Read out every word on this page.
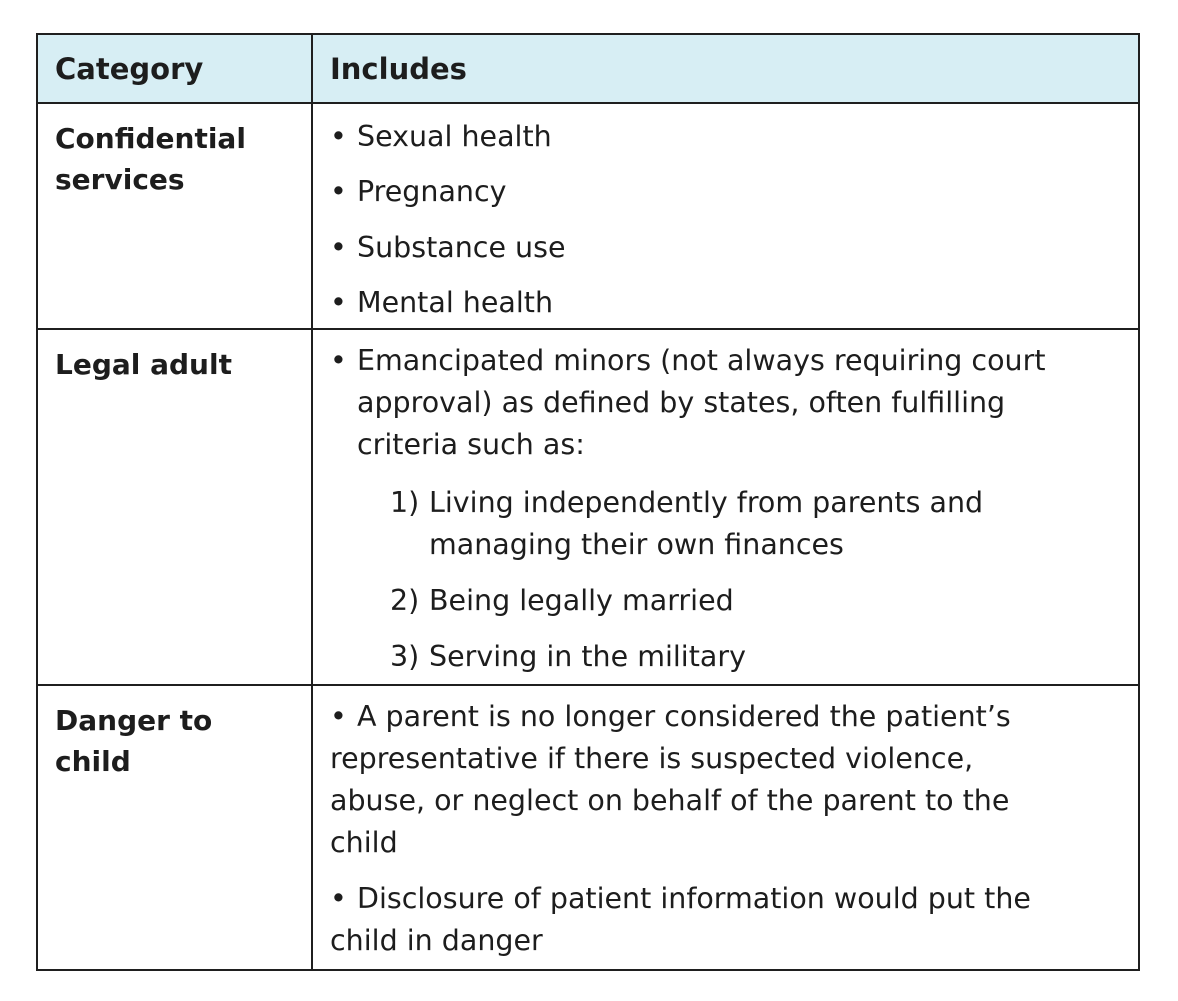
Category	Includes
Confidential
services
• Sexual health
• Pregnancy
• Substance use
• Mental health
Legal adult	• Emancipated minors (not always requiring court
approval) as defined by states, often fulfilling
criteria such as:
1) Living independently from parents and
managing their own finances
2) Being legally married
3) Serving in the military
Danger to
child
• A parent is no longer considered the patient’s
representative if there is suspected violence,
abuse, or neglect on behalf of the parent to the
child
• Disclosure of patient information would put the
child in danger
